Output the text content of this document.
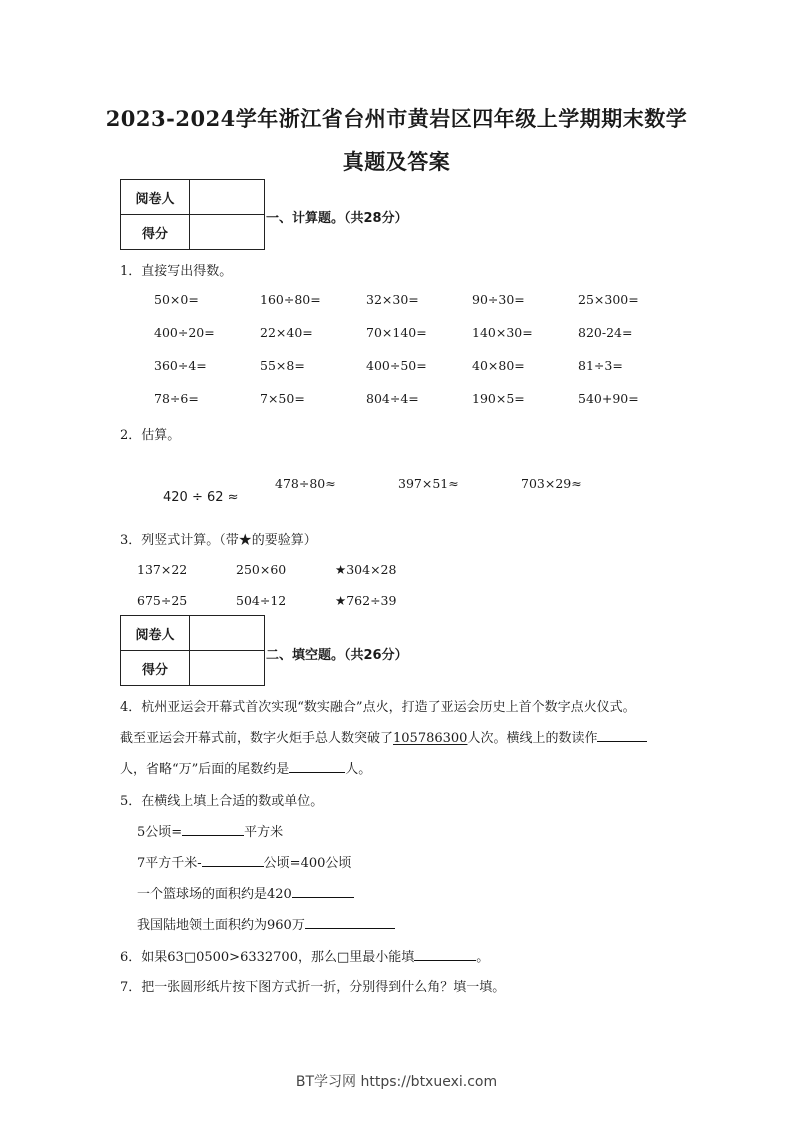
2023-2024学年浙江省台州市黄岩区四年级上学期期末数学
真题及答案
阅卷人	
得分	
一、计算题。（共28分）
1．直接写出得数。
50×0=	160÷80=	32×30=	90÷30=	25×300=
400÷20=	22×40=	70×140=	140×30=	820-24=
360÷4=	55×8=	400÷50=	40×80=	81÷3=
78÷6=	7×50=	804÷4=	190×5=	540+90=
2．估算。
420 ÷ 62 ≈
478÷80≈	397×51≈	703×29≈
3．列竖式计算。（带★的要验算）
137×22	250×60	★304×28
675÷25	504÷12	★762÷39
阅卷人	
得分	
二、填空题。（共26分）
4．杭州亚运会开幕式首次实现“数实融合”点火，打造了亚运会历史上首个数字点火仪式。
截至亚运会开幕式前，数字火炬手总人数突破了105786300人次。横线上的数读作
人，省略“万”后面的尾数约是	人。
5．在横线上填上合适的数或单位。
5公顷=	平方米
7平方千米-	公顷=400公顷
一个篮球场的面积约是420
我国陆地领土面积约为960万
6．如果63□0500>6332700，那么□里最小能填	。
7．把一张圆形纸片按下图方式折一折，分别得到什么角？填一填。
BT学习网 https://btxuexi.com
